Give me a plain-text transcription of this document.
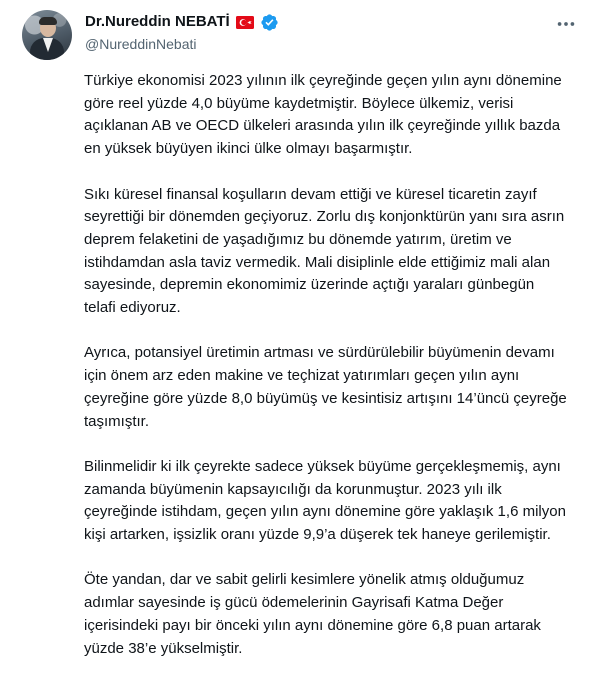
Dr.Nureddin NEBATİ
@NureddinNebati

Türkiye ekonomisi 2023 yılının ilk çeyreğinde geçen yılın aynı dönemine göre reel yüzde 4,0 büyüme kaydetmiştir. Böylece ülkemiz, verisi açıklanan AB ve OECD ülkeleri arasında yılın ilk çeyreğinde yıllık bazda en yüksek büyüyen ikinci ülke olmayı başarmıştır.

Sıkı küresel finansal koşulların devam ettiği ve küresel ticaretin zayıf seyrettiği bir dönemden geçiyoruz. Zorlu dış konjonktürün yanı sıra asrın deprem felaketini de yaşadığımız bu dönemde yatırım, üretim ve istihdamdan asla taviz vermedik. Mali disiplinle elde ettiğimiz mali alan sayesinde, depremin ekonomimiz üzerinde açtığı yaraları günbegün telafi ediyoruz.

Ayrıca, potansiyel üretimin artması ve sürdürülebilir büyümenin devamı için önem arz eden makine ve teçhizat yatırımları geçen yılın aynı çeyreğine göre yüzde 8,0 büyümüş ve kesintisiz artışını 14’üncü çeyreğe taşımıştır.

Bilinmelidir ki ilk çeyrekte sadece yüksek büyüme gerçekleşmemiş, aynı zamanda büyümenin kapsayıcılığı da korunmuştur. 2023 yılı ilk çeyreğinde istihdam, geçen yılın aynı dönemine göre yaklaşık 1,6 milyon kişi artarken, işsizlik oranı yüzde 9,9’a düşerek tek haneye gerilemiştir.

Öte yandan, dar ve sabit gelirli kesimlere yönelik atmış olduğumuz adımlar sayesinde iş gücü ödemelerinin Gayrisafi Katma Değer içerisindeki payı bir önceki yılın aynı dönemine göre 6,8 puan artarak yüzde 38’e yükselmiştir.
